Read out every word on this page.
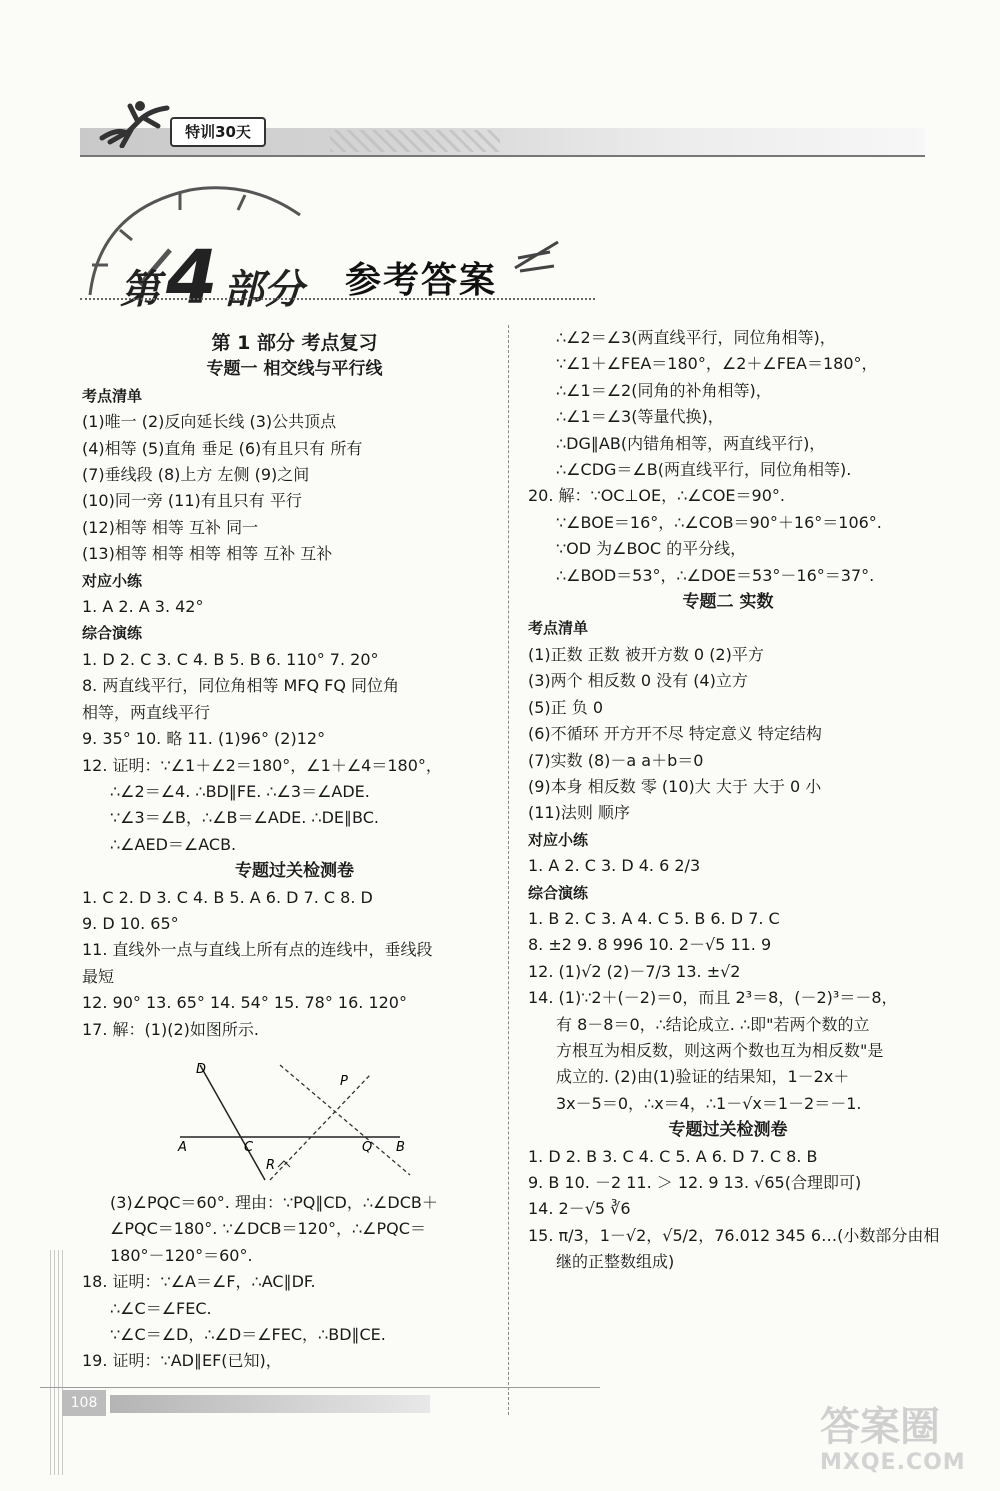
特训30天
第4 部分 参考答案
第 1 部分 考点复习
专题一 相交线与平行线
考点清单
(1)唯一 (2)反向延长线 (3)公共顶点
(4)相等 (5)直角 垂足 (6)有且只有 所有
(7)垂线段 (8)上方 左侧 (9)之间
(10)同一旁 (11)有且只有 平行
(12)相等 相等 互补 同一
(13)相等 相等 相等 相等 互补 互补
对应小练
1. A 2. A 3. 42°
综合演练
1. D 2. C 3. C 4. B 5. B 6. 110° 7. 20°
8. 两直线平行，同位角相等 MFQ FQ 同位角
相等，两直线平行
9. 35° 10. 略 11. (1)96° (2)12°
12. 证明：∵∠1＋∠2＝180°，∠1＋∠4＝180°，
∴∠2＝∠4. ∴BD∥FE. ∴∠3＝∠ADE.
∵∠3＝∠B，∴∠B＝∠ADE. ∴DE∥BC.
∴∠AED＝∠ACB.
专题过关检测卷
1. C 2. D 3. C 4. B 5. A 6. D 7. C 8. D
9. D 10. 65°
11. 直线外一点与直线上所有点的连线中，垂线段
最短
12. 90° 13. 65° 14. 54° 15. 78° 16. 120°
17. 解：(1)(2)如图所示.
D
P
A	C	Q B
R
(3)∠PQC＝60°. 理由：∵PQ∥CD，∴∠DCB＋
∠PQC＝180°. ∵∠DCB＝120°，∴∠PQC＝
180°－120°＝60°.
18. 证明：∵∠A＝∠F，∴AC∥DF.
∴∠C＝∠FEC.
∵∠C＝∠D，∴∠D＝∠FEC，∴BD∥CE.
19. 证明：∵AD∥EF(已知)，
∴∠2＝∠3(两直线平行，同位角相等)，
∵∠1＋∠FEA＝180°，∠2＋∠FEA＝180°，
∴∠1＝∠2(同角的补角相等)，
∴∠1＝∠3(等量代换)，
∴DG∥AB(内错角相等，两直线平行)，
∴∠CDG＝∠B(两直线平行，同位角相等).
20. 解：∵OC⊥OE，∴∠COE＝90°.
∵∠BOE＝16°，∴∠COB＝90°＋16°＝106°.
∵OD 为∠BOC 的平分线，
∴∠BOD＝53°，∴∠DOE＝53°－16°＝37°.
专题二 实数
考点清单
(1)正数 正数 被开方数 0 (2)平方
(3)两个 相反数 0 没有 (4)立方
(5)正 负 0
(6)不循环 开方开不尽 特定意义 特定结构
(7)实数 (8)－a a＋b＝0
(9)本身 相反数 零 (10)大 大于 大于 0 小
(11)法则 顺序
对应小练
1. A 2. C 3. D 4. 6 2/3
综合演练
1. B 2. C 3. A 4. C 5. B 6. D 7. C
8. ±2 9. 8 996 10. 2－√5 11. 9
12. (1)√2 (2)－7/3 13. ±√2
14. (1)∵2＋(－2)＝0，而且 2³＝8，(－2)³＝－8，
有 8－8＝0，∴结论成立. ∴即"若两个数的立
方根互为相反数，则这两个数也互为相反数"是
成立的. (2)由(1)验证的结果知，1－2x＋
3x－5＝0，∴x＝4，∴1－√x＝1－2＝－1.
专题过关检测卷
1. D 2. B 3. C 4. C 5. A 6. D 7. C 8. B
9. B 10. －2 11. ＞ 12. 9 13. √65(合理即可)
14. 2－√5 ∛6
15. π/3，1－√2，√5/2，76.012 345 6…(小数部分由相
继的正整数组成)
108
答案圈
MXQE.COM
